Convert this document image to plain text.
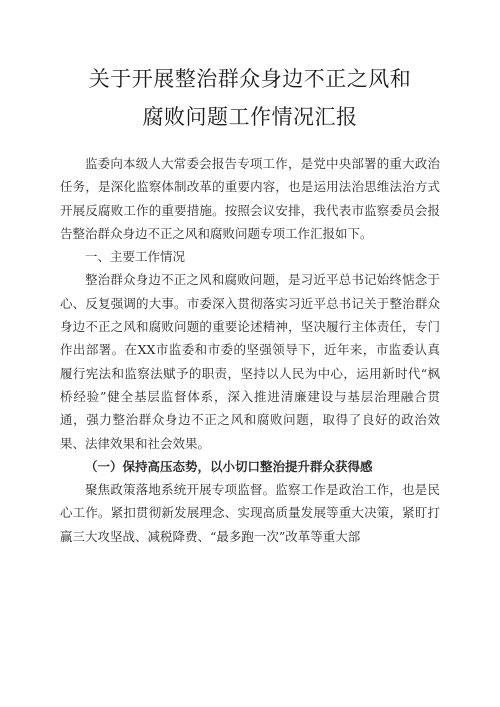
关于开展整治群众身边不正之风和
腐败问题工作情况汇报

监委向本级人大常委会报告专项工作，是党中央部署的重大政治任务，是深化监察体制改革的重要内容，也是运用法治思维法治方式开展反腐败工作的重要措施。按照会议安排，我代表市监察委员会报告整治群众身边不正之风和腐败问题专项工作汇报如下。

一、主要工作情况

整治群众身边不正之风和腐败问题，是习近平总书记始终惦念于心、反复强调的大事。市委深入贯彻落实习近平总书记关于整治群众身边不正之风和腐败问题的重要论述精神，坚决履行主体责任，专门作出部署。在XX市监委和市委的坚强领导下，近年来，市监委认真履行宪法和监察法赋予的职责，坚持以人民为中心，运用新时代“枫桥经验”健全基层监督体系，深入推进清廉建设与基层治理融合贯通，强力整治群众身边不正之风和腐败问题，取得了良好的政治效果、法律效果和社会效果。

（一）保持高压态势，以小切口整治提升群众获得感

聚焦政策落地系统开展专项监督。监察工作是政治工作，也是民心工作。紧扣贯彻新发展理念、实现高质量发展等重大决策，紧盯打赢三大攻坚战、减税降费、“最多跑一次”改革等重大部
